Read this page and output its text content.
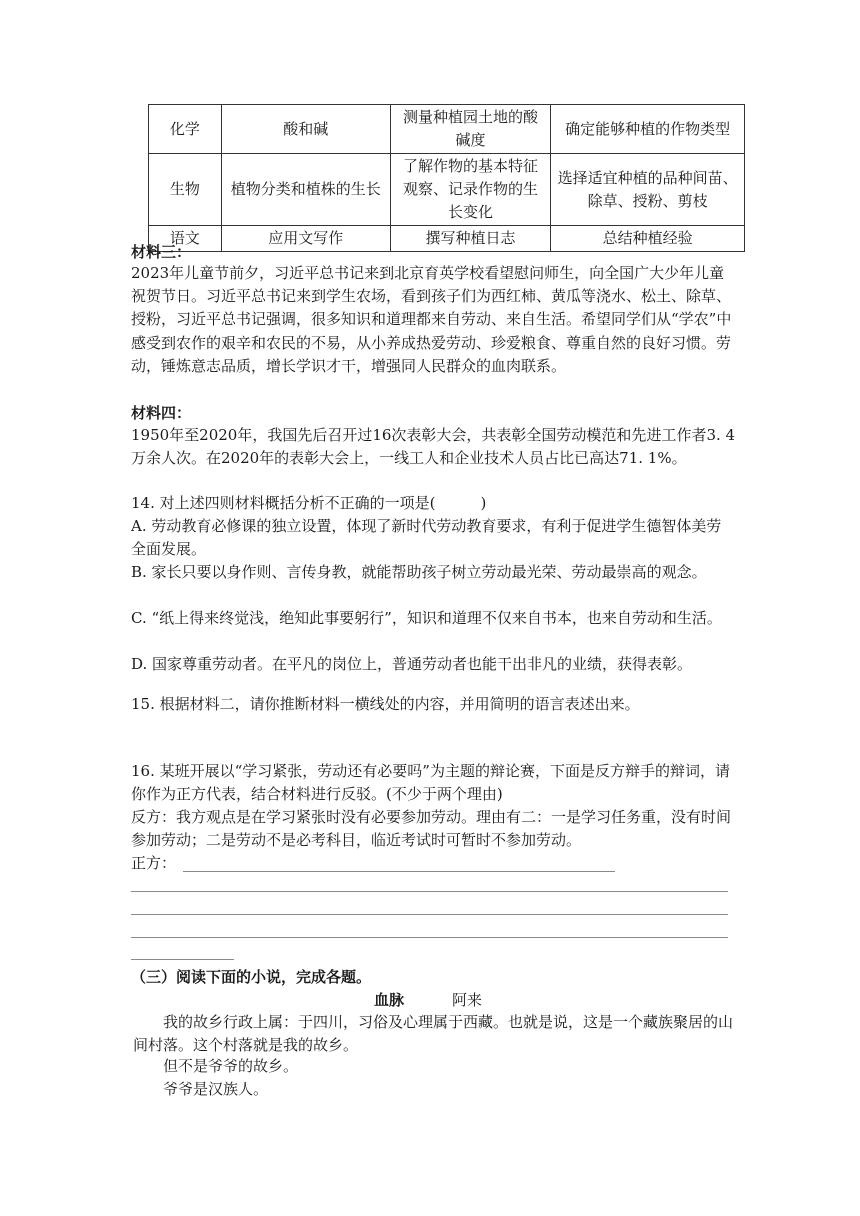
化学	酸和碱	测量种植园土地的酸碱度	确定能够种植的作物类型
生物	植物分类和植株的生长	了解作物的基本特征观察、记录作物的生长变化	选择适宜种植的品种间苗、除草、授粉、剪枝
语文	应用文写作	撰写种植日志	总结种植经验
材料三：
2023年儿童节前夕，习近平总书记来到北京育英学校看望慰问师生，向全国广大少年儿童祝贺节日。习近平总书记来到学生农场，看到孩子们为西红柿、黄瓜等浇水、松土、除草、授粉，习近平总书记强调，很多知识和道理都来自劳动、来自生活。希望同学们从“学农”中感受到农作的艰辛和农民的不易，从小养成热爱劳动、珍爱粮食、尊重自然的良好习惯。劳动，锤炼意志品质，增长学识才干，增强同人民群众的血肉联系。
材料四：
1950年至2020年，我国先后召开过16次表彰大会，共表彰全国劳动模范和先进工作者3. 4万余人次。在2020年的表彰大会上，一线工人和企业技术人员占比已高达71. 1%。
14. 对上述四则材料概括分析不正确的一项是(　　　)
A. 劳动教育必修课的独立设置，体现了新时代劳动教育要求，有利于促进学生德智体美劳全面发展。
B. 家长只要以身作则、言传身教，就能帮助孩子树立劳动最光荣、劳动最崇高的观念。
C. “纸上得来终觉浅，绝知此事要躬行”，知识和道理不仅来自书本，也来自劳动和生活。
D. 国家尊重劳动者。在平凡的岗位上，普通劳动者也能干出非凡的业绩，获得表彰。
15. 根据材料二，请你推断材料一横线处的内容，并用简明的语言表述出来。
16. 某班开展以“学习紧张，劳动还有必要吗”为主题的辩论赛，下面是反方辩手的辩词，请你作为正方代表，结合材料进行反驳。(不少于两个理由)
反方：我方观点是在学习紧张时没有必要参加劳动。理由有二：一是学习任务重，没有时间参加劳动；二是劳动不是必考科目，临近考试时可暂时不参加劳动。
正方：
（三）阅读下面的小说，完成各题。
血脉	阿来
我的故乡行政上属：于四川，习俗及心理属于西藏。也就是说，这是一个藏族聚居的山间村落。这个村落就是我的故乡。
但不是爷爷的故乡。
爷爷是汉族人。
